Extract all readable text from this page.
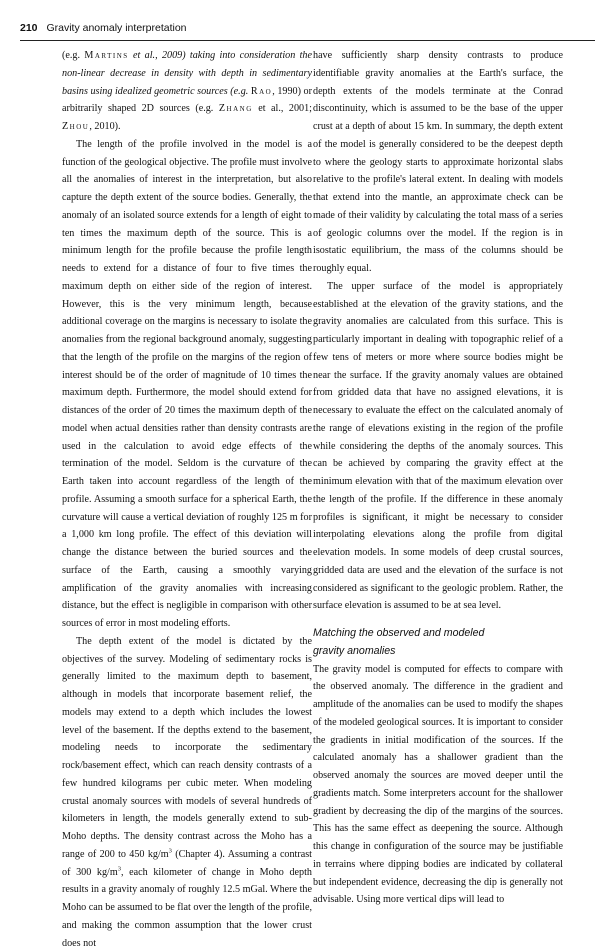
210 Gravity anomaly interpretation

(e.g. Martins et al., 2009) taking into consideration the non-linear decrease in density with depth in sedimentary basins using idealized geometric sources (e.g. Rao, 1990) or arbitrarily shaped 2D sources (e.g. Zhang et al., 2001; Zhou, 2010).

The length of the profile involved in the model is a function of the geological objective. The profile must involve all the anomalies of interest in the interpretation, but also capture the depth extent of the source bodies. Generally, the anomaly of an isolated source extends for a length of eight to ten times the maximum depth of the source. This is a minimum length for the profile because the profile length needs to extend for a distance of four to five times the maximum depth on either side of the region of interest. However, this is the very minimum length, because additional coverage on the margins is necessary to isolate the anomalies from the regional background anomaly, suggesting that the length of the profile on the margins of the region of interest should be of the order of magnitude of 10 times the maximum depth. Furthermore, the model should extend for distances of the order of 20 times the maximum depth of the model when actual densities rather than density contrasts are used in the calculation to avoid edge effects of the termination of the model. Seldom is the curvature of the Earth taken into account regardless of the length of the profile. Assuming a smooth surface for a spherical Earth, the curvature will cause a vertical deviation of roughly 125 m for a 1,000 km long profile. The effect of this deviation will change the distance between the buried sources and the surface of the Earth, causing a smoothly varying amplification of the gravity anomalies with increasing distance, but the effect is negligible in comparison with other sources of error in most modeling efforts.

The depth extent of the model is dictated by the objectives of the survey. Modeling of sedimentary rocks is generally limited to the maximum depth to basement, although in models that incorporate basement relief, the models may extend to a depth which includes the lowest level of the basement. If the depths extend to the basement, modeling needs to incorporate the sedimentary rock/basement effect, which can reach density contrasts of a few hundred kilograms per cubic meter. When modeling crustal anomaly sources with models of several hundreds of kilometers in length, the models generally extend to sub-Moho depths. The density contrast across the Moho has a range of 200 to 450 $kg/m^3$ (Chapter 4). Assuming a contrast of 300 $kg/m^3$, each kilometer of change in Moho depth results in a gravity anomaly of roughly 12.5 mGal. Where the Moho can be assumed to be flat over the length of the profile, and making the common assumption that the lower crust does not

have sufficiently sharp density contrasts to produce identifiable gravity anomalies at the Earth's surface, the depth extents of the models terminate at the Conrad discontinuity, which is assumed to be the base of the upper crust at a depth of about 15 km. In summary, the depth extent of the model is generally considered to be the deepest depth to where the geology starts to approximate horizontal slabs relative to the profile's lateral extent. In dealing with models that extend into the mantle, an approximate check can be made of their validity by calculating the total mass of a series of geologic columns over the model. If the region is in isostatic equilibrium, the mass of the columns should be roughly equal.

The upper surface of the model is appropriately established at the elevation of the gravity stations, and the gravity anomalies are calculated from this surface. This is particularly important in dealing with topographic relief of a few tens of meters or more where source bodies might be near the surface. If the gravity anomaly values are obtained from gridded data that have no assigned elevations, it is necessary to evaluate the effect on the calculated anomaly of the range of elevations existing in the region of the profile while considering the depths of the anomaly sources. This can be achieved by comparing the gravity effect at the minimum elevation with that of the maximum elevation over the length of the profile. If the difference in these anomaly profiles is significant, it might be necessary to consider interpolating elevations along the profile from digital elevation models. In some models of deep crustal sources, gridded data are used and the elevation of the surface is not considered as significant to the geologic problem. Rather, the surface elevation is assumed to be at sea level.

Matching the observed and modeled
gravity anomalies

The gravity model is computed for effects to compare with the observed anomaly. The difference in the gradient and amplitude of the anomalies can be used to modify the shapes of the modeled geological sources. It is important to consider the gradients in initial modification of the sources. If the calculated anomaly has a shallower gradient than the observed anomaly the sources are moved deeper until the gradients match. Some interpreters account for the shallower gradient by decreasing the dip of the margins of the sources. This has the same effect as deepening the source. Although this change in configuration of the source may be justifiable in terrains where dipping bodies are indicated by collateral but independent evidence, decreasing the dip is generally not advisable. Using more vertical dips will lead to
